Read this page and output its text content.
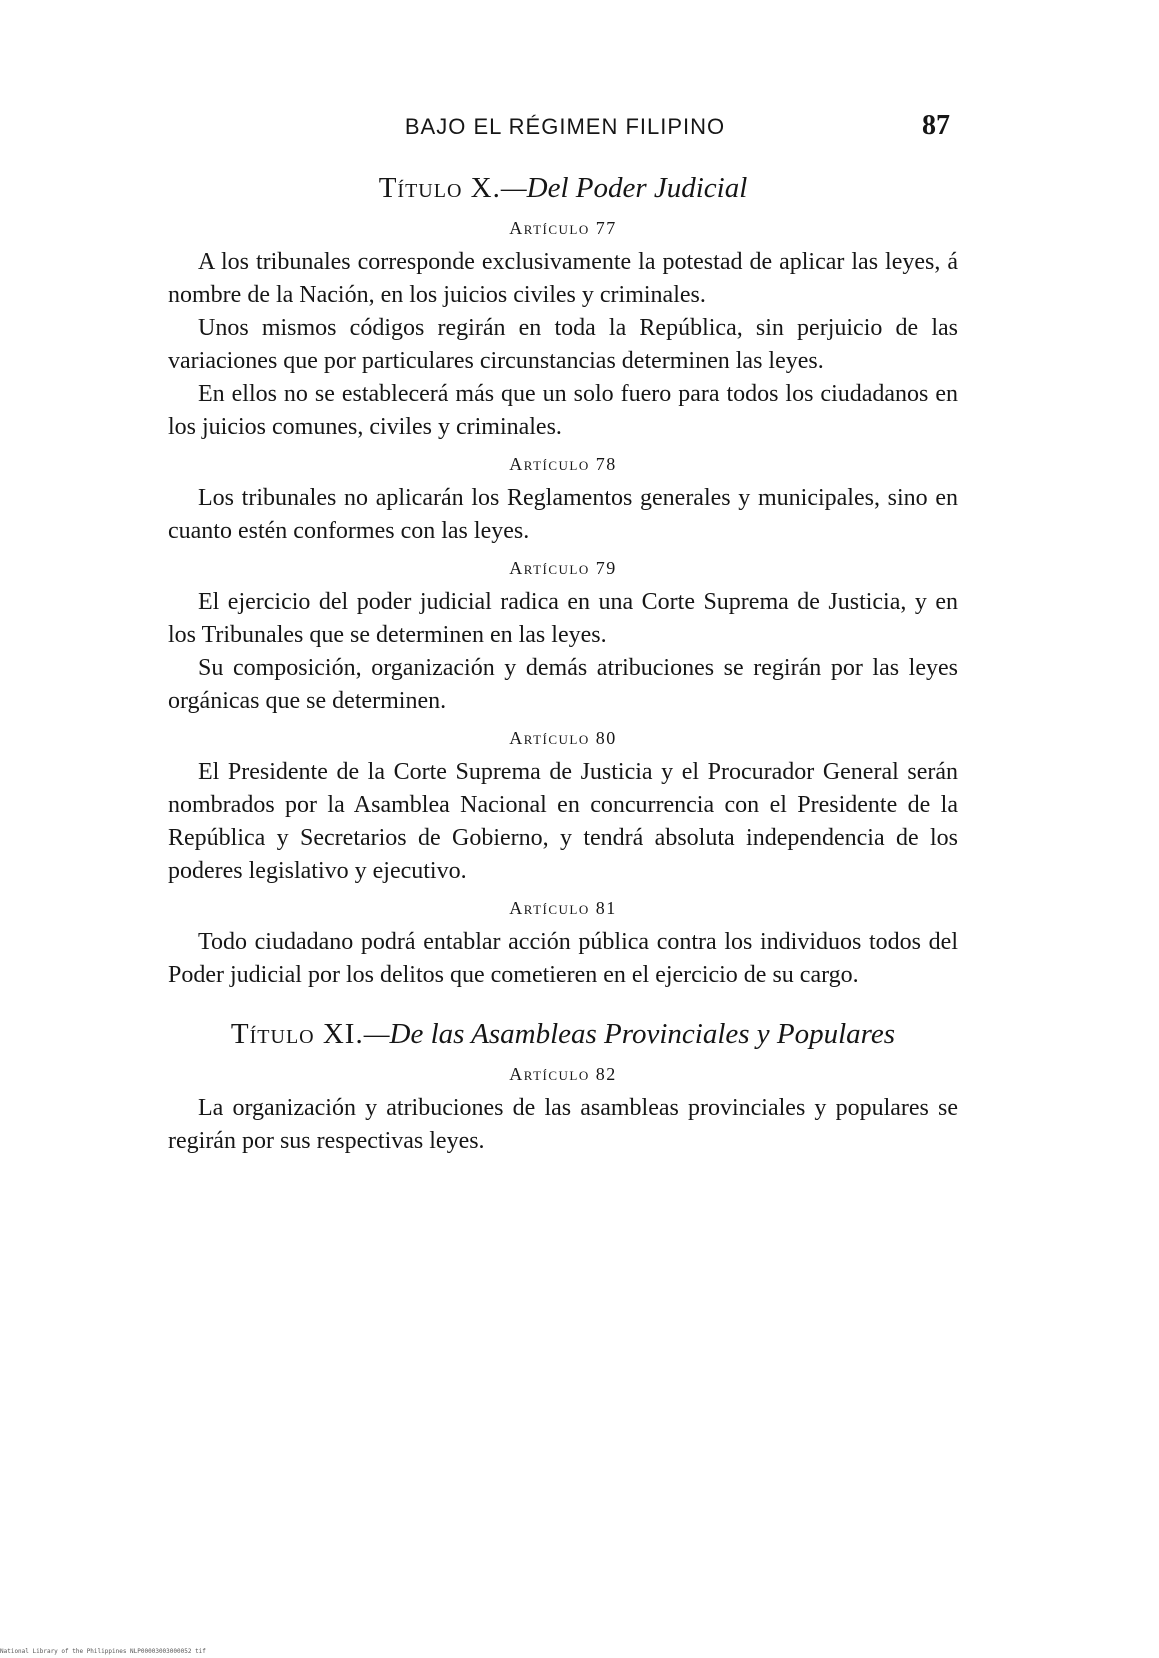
BAJO EL RÉGIMEN FILIPINO	87
Título X.—Del Poder Judicial
Artículo 77

A los tribunales corresponde exclusivamente la potestad de aplicar las leyes, á nombre de la Nación, en los juicios civiles y criminales.

Unos mismos códigos regirán en toda la República, sin perjuicio de las variaciones que por particulares circunstancias determinen las leyes.

En ellos no se establecerá más que un solo fuero para todos los ciudadanos en los juicios comunes, civiles y criminales.

Artículo 78

Los tribunales no aplicarán los Reglamentos generales y municipales, sino en cuanto estén conformes con las leyes.

Artículo 79

El ejercicio del poder judicial radica en una Corte Suprema de Justicia, y en los Tribunales que se determinen en las leyes.

Su composición, organización y demás atribuciones se regirán por las leyes orgánicas que se determinen.

Artículo 80

El Presidente de la Corte Suprema de Justicia y el Procurador General serán nombrados por la Asamblea Nacional en concurrencia con el Presidente de la República y Secretarios de Gobierno, y tendrá absoluta independencia de los poderes legislativo y ejecutivo.

Artículo 81

Todo ciudadano podrá entablar acción pública contra los individuos todos del Poder judicial por los delitos que cometieren en el ejercicio de su cargo.

Título XI.—De las Asambleas Provinciales y Populares
Artículo 82

La organización y atribuciones de las asambleas provinciales y populares se regirán por sus respectivas leyes.

National Library of the Philippines NLP00003003000052 tif
